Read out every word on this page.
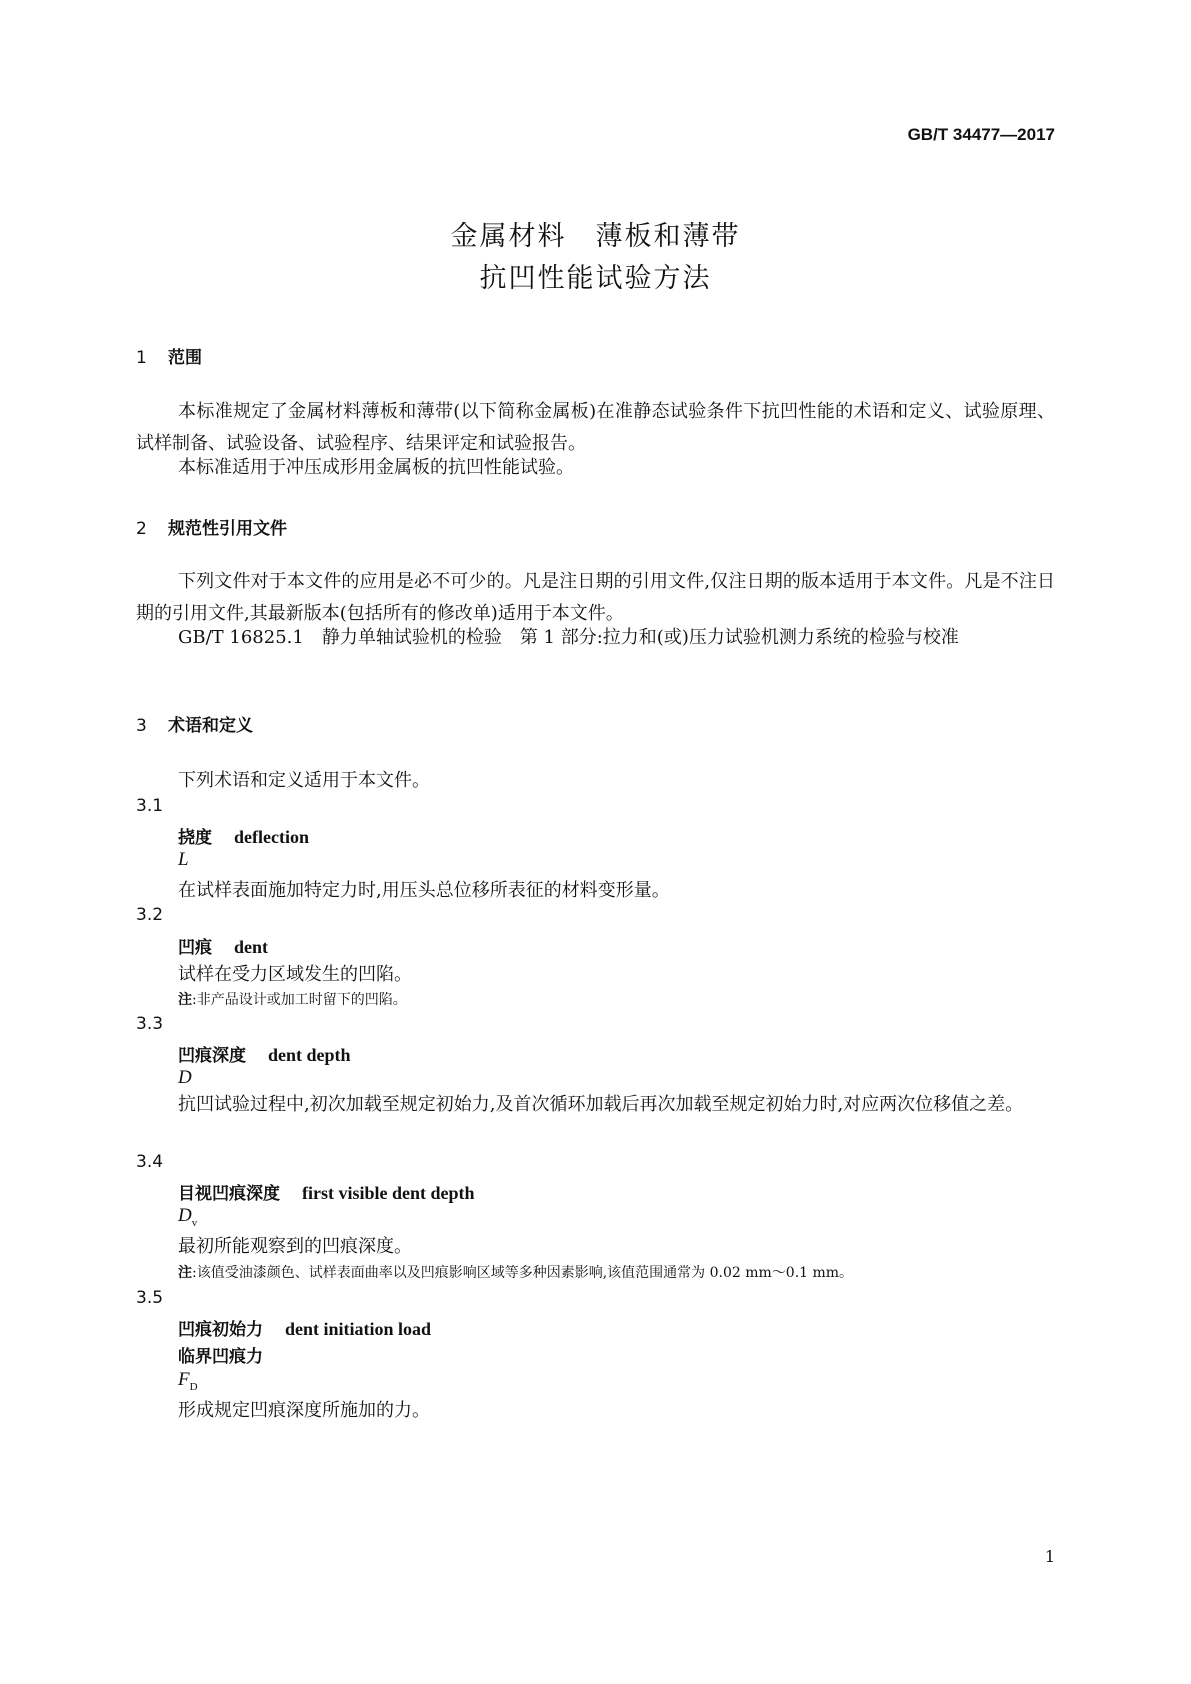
GB/T 34477—2017
金属材料　薄板和薄带
抗凹性能试验方法
1 范围
本标准规定了金属材料薄板和薄带(以下简称金属板)在准静态试验条件下抗凹性能的术语和定义、试验原理、试样制备、试验设备、试验程序、结果评定和试验报告。
本标准适用于冲压成形用金属板的抗凹性能试验。
2 规范性引用文件
下列文件对于本文件的应用是必不可少的。凡是注日期的引用文件,仅注日期的版本适用于本文件。凡是不注日期的引用文件,其最新版本(包括所有的修改单)适用于本文件。
GB/T 16825.1　静力单轴试验机的检验　第 1 部分:拉力和(或)压力试验机测力系统的检验与校准
3 术语和定义
下列术语和定义适用于本文件。
3.1
挠度 deflection
L
在试样表面施加特定力时,用压头总位移所表征的材料变形量。
3.2
凹痕 dent
试样在受力区域发生的凹陷。
注:非产品设计或加工时留下的凹陷。
3.3
凹痕深度 dent depth
D
抗凹试验过程中,初次加载至规定初始力,及首次循环加载后再次加载至规定初始力时,对应两次位移值之差。
3.4
目视凹痕深度 first visible dent depth
$D_v$
最初所能观察到的凹痕深度。
注:该值受油漆颜色、试样表面曲率以及凹痕影响区域等多种因素影响,该值范围通常为 0.02 mm～0.1 mm。
3.5
凹痕初始力 dent initiation load
临界凹痕力
$F_D$
形成规定凹痕深度所施加的力。
1
